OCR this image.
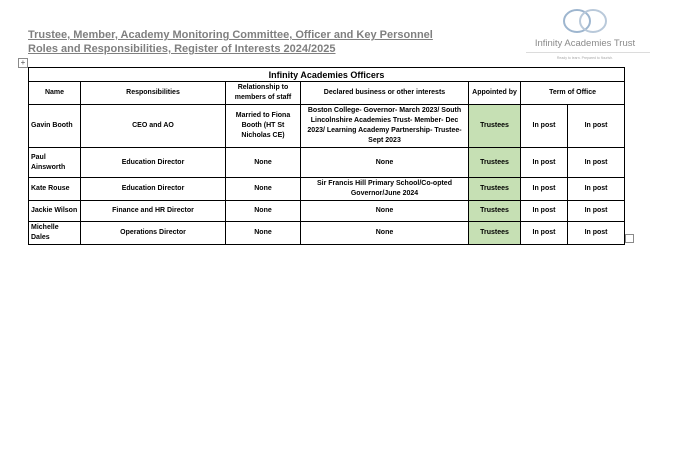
Trustee, Member, Academy Monitoring Committee, Officer and Key Personnel
Roles and Responsibilities, Register of Interests 2024/2025	Infinity Academies Trust
Ready to learn. Prepared to flourish.
+
Infinity Academies Officers						
Name	Responsibilities	Relationship to members of staff	Declared business or other interests	Appointed by	Term of Office	
Gavin Booth	CEO and AO	Married to Fiona Booth (HT St Nicholas CE)	Boston College- Governor- March 2023/ South Lincolnshire Academies Trust- Member- Dec 2023/ Learning Academy Partnership- Trustee- Sept 2023	Trustees	In post	In post
Paul Ainsworth	Education Director	None	None	Trustees	In post	In post
Kate Rouse	Education Director	None	Sir Francis Hill Primary School/Co-opted Governor/June 2024	Trustees	In post	In post
Jackie Wilson	Finance and HR Director	None	None	Trustees	In post	In post
Michelle Dales	Operations Director	None	None	Trustees	In post	In post
